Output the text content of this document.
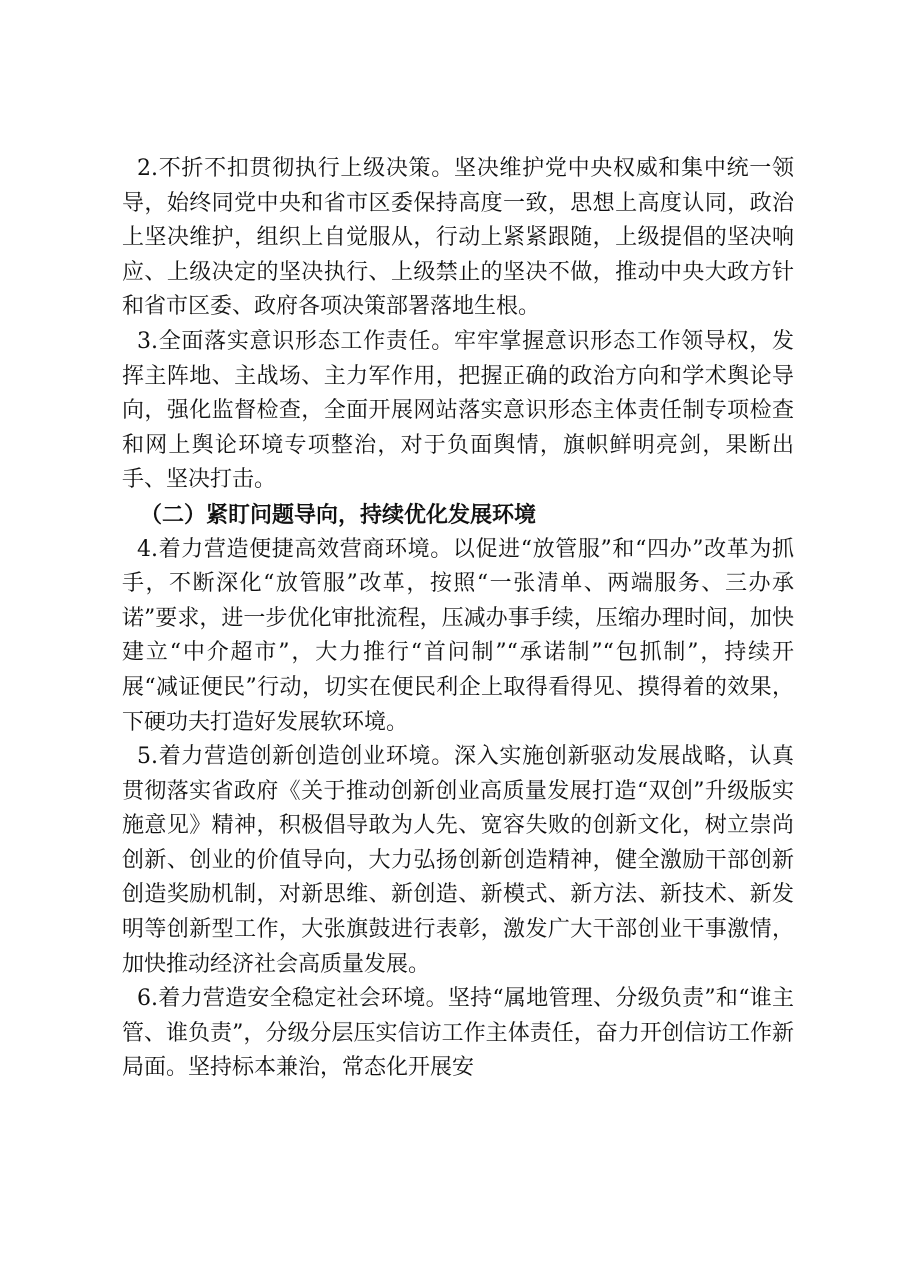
2.不折不扣贯彻执行上级决策。坚决维护党中央权威和集中统一领导，始终同党中央和省市区委保持高度一致，思想上高度认同，政治上坚决维护，组织上自觉服从，行动上紧紧跟随，上级提倡的坚决响应、上级决定的坚决执行、上级禁止的坚决不做，推动中央大政方针和省市区委、政府各项决策部署落地生根。

3.全面落实意识形态工作责任。牢牢掌握意识形态工作领导权，发挥主阵地、主战场、主力军作用，把握正确的政治方向和学术舆论导向，强化监督检查，全面开展网站落实意识形态主体责任制专项检查和网上舆论环境专项整治，对于负面舆情，旗帜鲜明亮剑，果断出手、坚决打击。

（二）紧盯问题导向，持续优化发展环境

4.着力营造便捷高效营商环境。以促进“放管服”和“四办”改革为抓手，不断深化“放管服”改革，按照“一张清单、两端服务、三办承诺”要求，进一步优化审批流程，压减办事手续，压缩办理时间，加快建立“中介超市”，大力推行“首问制”“承诺制”“包抓制”，持续开展“减证便民”行动，切实在便民利企上取得看得见、摸得着的效果，下硬功夫打造好发展软环境。

5.着力营造创新创造创业环境。深入实施创新驱动发展战略，认真贯彻落实省政府《关于推动创新创业高质量发展打造“双创”升级版实施意见》精神，积极倡导敢为人先、宽容失败的创新文化，树立崇尚创新、创业的价值导向，大力弘扬创新创造精神，健全激励干部创新创造奖励机制，对新思维、新创造、新模式、新方法、新技术、新发明等创新型工作，大张旗鼓进行表彰，激发广大干部创业干事激情，加快推动经济社会高质量发展。

6.着力营造安全稳定社会环境。坚持“属地管理、分级负责”和“谁主管、谁负责”，分级分层压实信访工作主体责任，奋力开创信访工作新局面。坚持标本兼治，常态化开展安
